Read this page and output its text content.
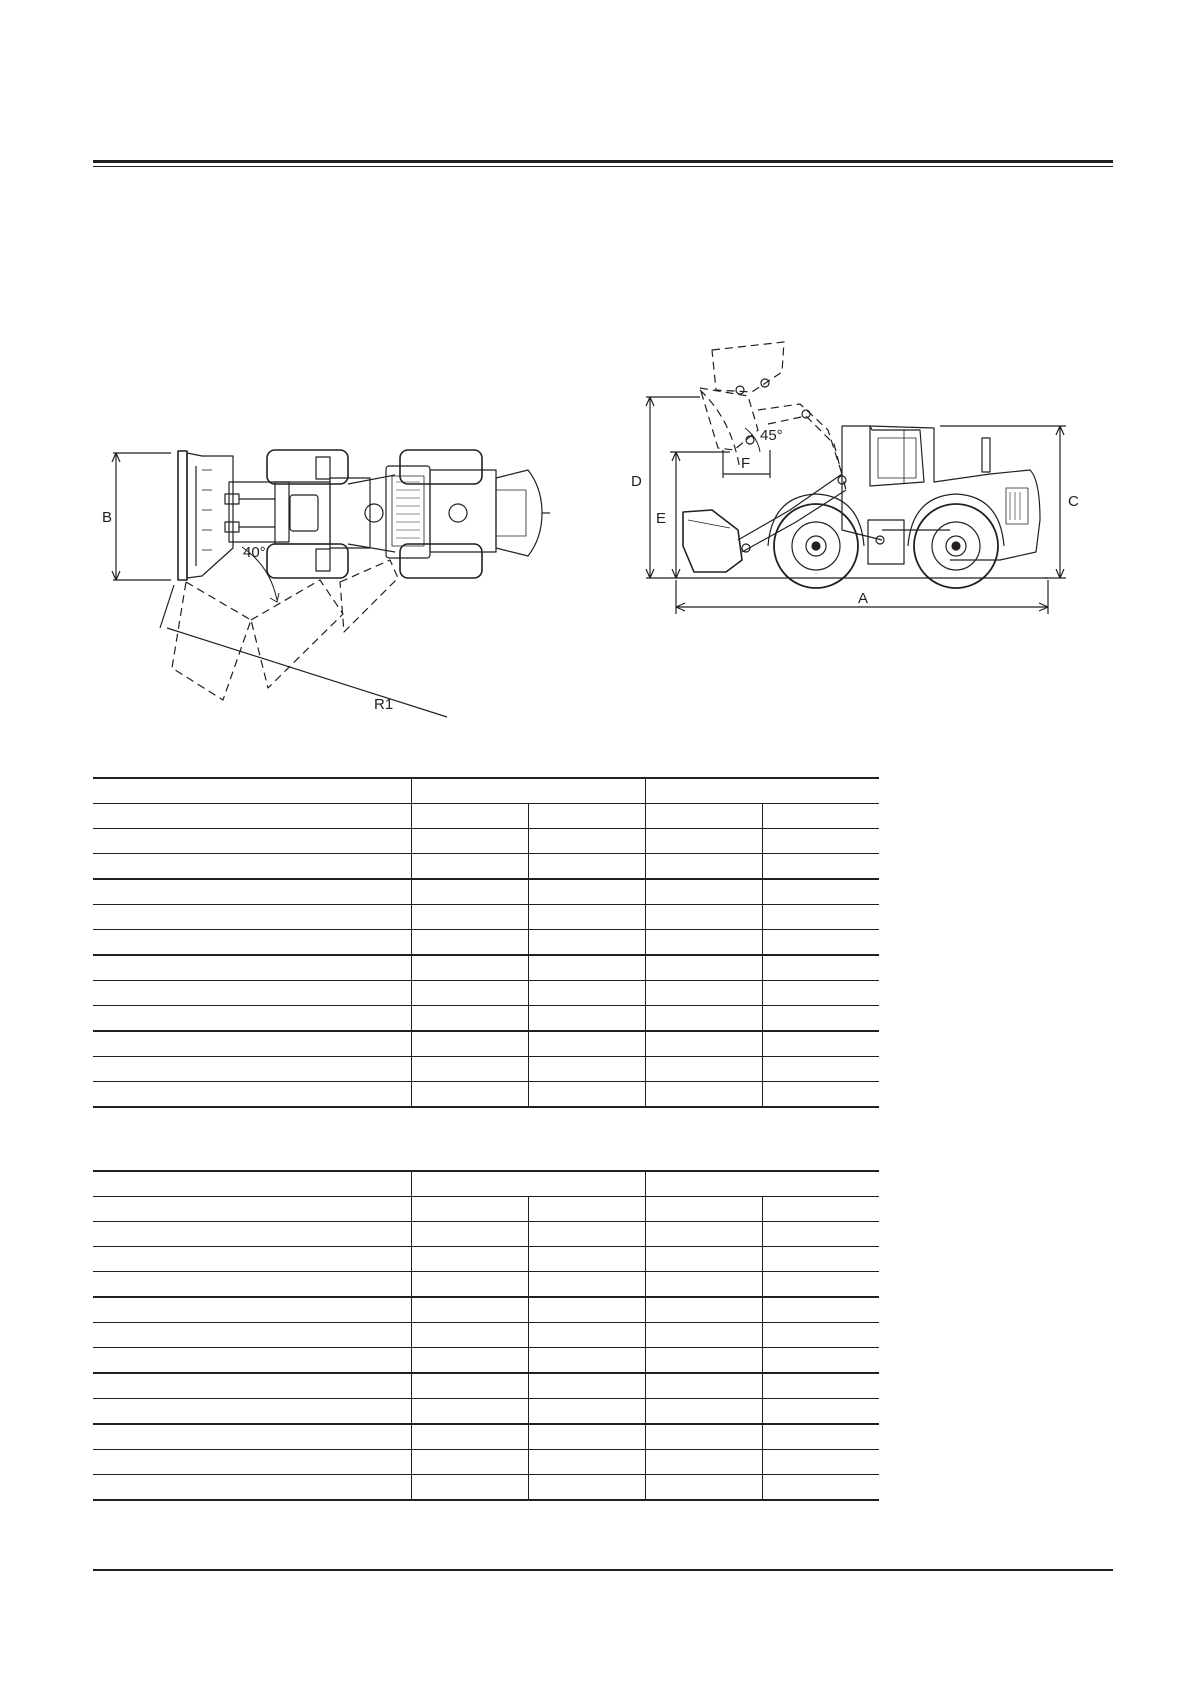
40°
R1
B
D
E
F
45°
C
A
